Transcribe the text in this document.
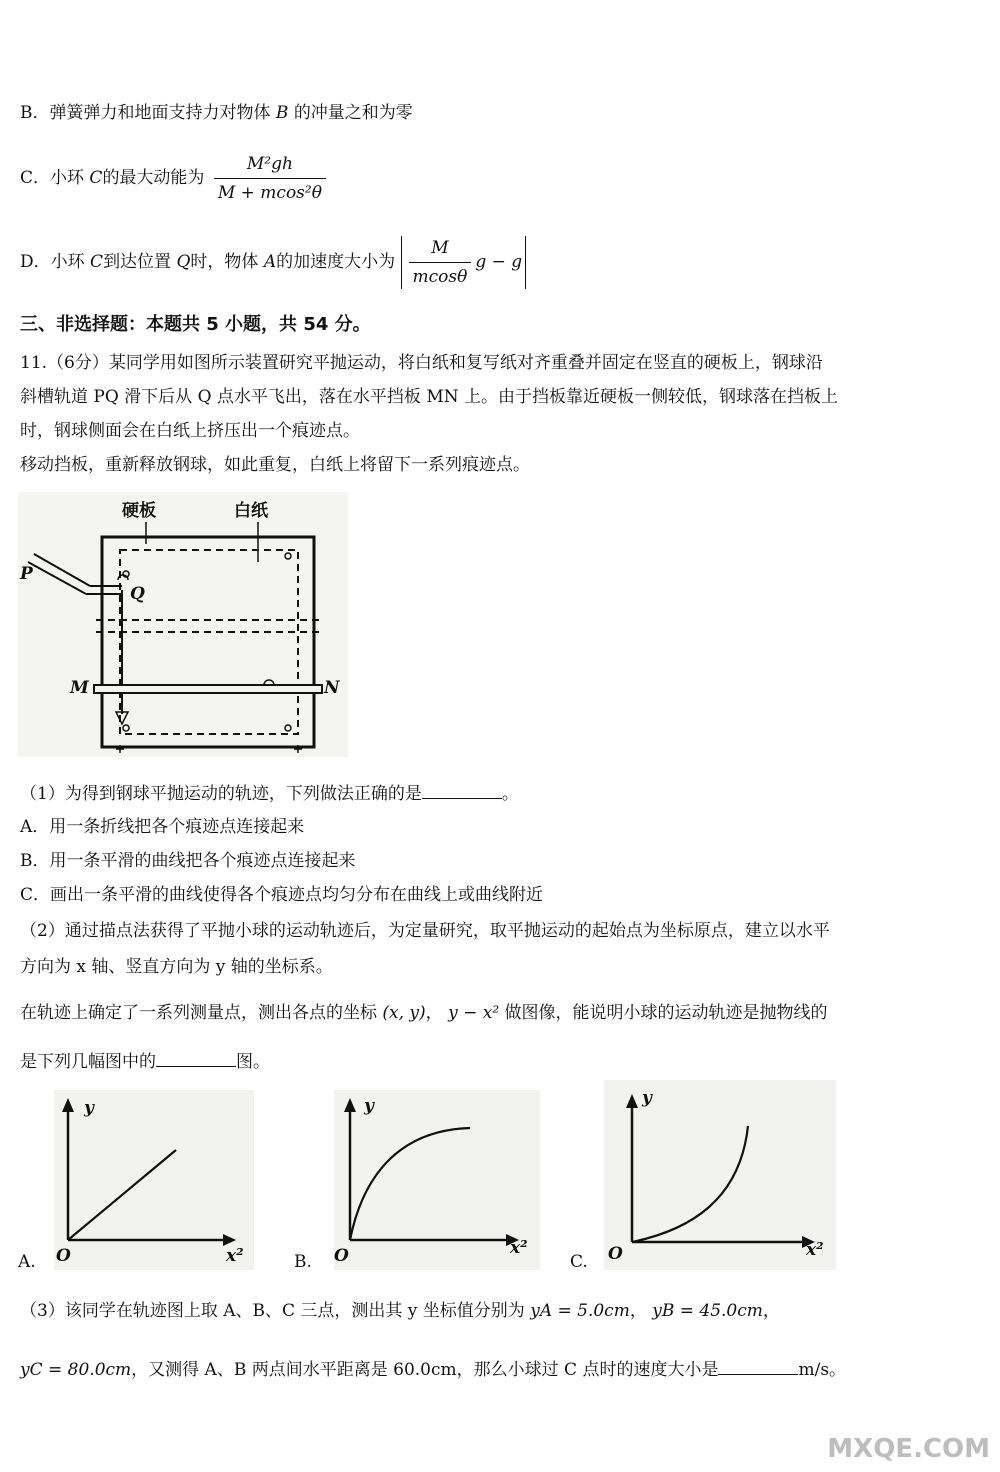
B．弹簧弹力和地面支持力对物体 B 的冲量之和为零
C．小环 C的最大动能为 $\frac{\text{M²gh}}{\text{M + mcos²θ}}$
D．小环 C到达位置 Q时，物体 A的加速度大小为 $\frac{M}{mcos\theta}$ g − g
三、非选择题：本题共 5 小题，共 54 分。
11.（6分）某同学用如图所示装置研究平抛运动，将白纸和复写纸对齐重叠并固定在竖直的硬板上，钢球沿
斜槽轨道 PQ 滑下后从 Q 点水平飞出，落在水平挡板 MN 上。由于挡板靠近硬板一侧较低，钢球落在挡板上
时，钢球侧面会在白纸上挤压出一个痕迹点。
移动挡板，重新释放钢球，如此重复，白纸上将留下一系列痕迹点。
硬板	白纸
P
Q
M	N
（1）为得到钢球平抛运动的轨迹，下列做法正确的是	。
A．用一条折线把各个痕迹点连接起来
B．用一条平滑的曲线把各个痕迹点连接起来
C．画出一条平滑的曲线使得各个痕迹点均匀分布在曲线上或曲线附近
（2）通过描点法获得了平抛小球的运动轨迹后，为定量研究，取平抛运动的起始点为坐标原点，建立以水平
方向为 x 轴、竖直方向为 y 轴的坐标系。
在轨迹上确定了一系列测量点，测出各点的坐标 (x, y)， y − x² 做图像，能说明小球的运动轨迹是抛物线的
是下列几幅图中的	图。
A. O
y
x²	B. O
y
x²
C. O
y
x²
（3）该同学在轨迹图上取 A、B、C 三点，测出其 y 坐标值分别为 yA = 5.0cm， yB = 45.0cm，
yC = 80.0cm，又测得 A、B 两点间水平距离是 60.0cm，那么小球过 C 点时的速度大小是	m/s。
MXQE.COM
